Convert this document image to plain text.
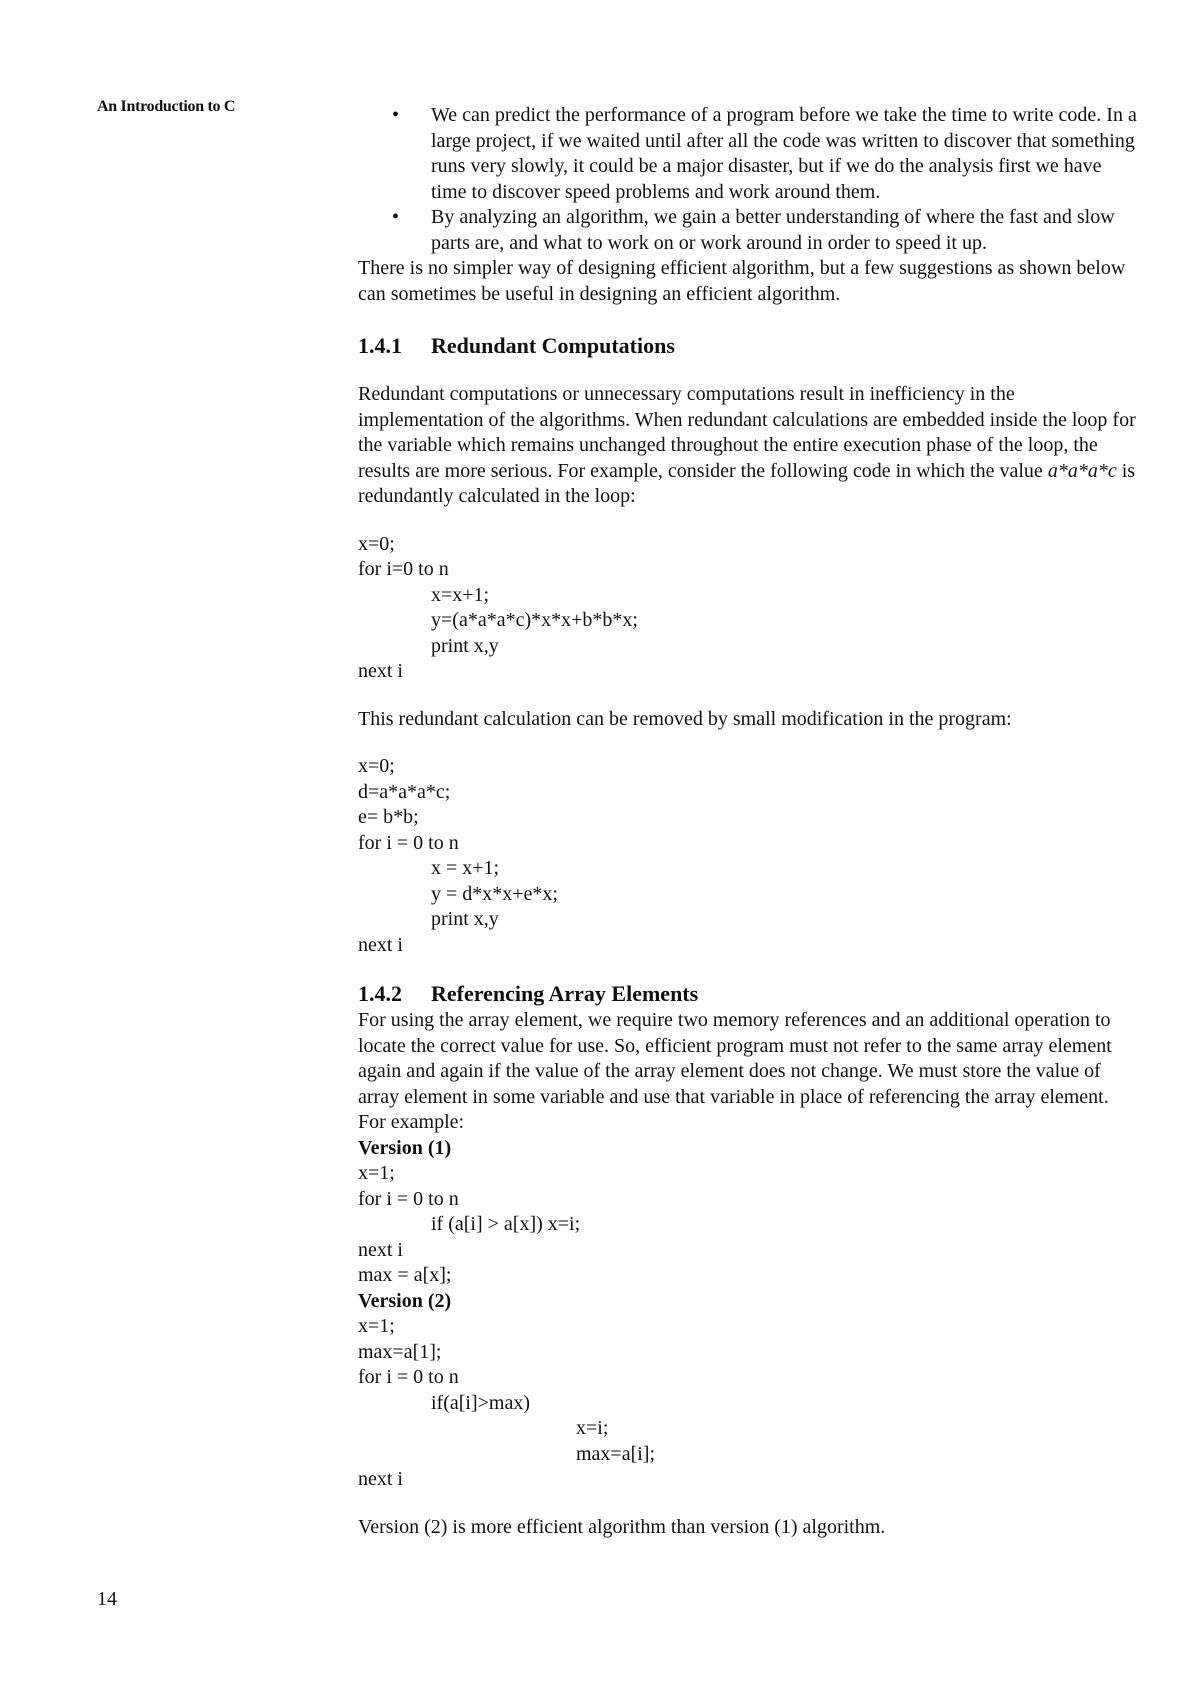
An Introduction to C	• We can predict the performance of a program before we take the time to write code. In a large project, if we waited until after all the code was written to discover that something runs very slowly, it could be a major disaster, but if we do the analysis first we have time to discover speed problems and work around them.
• By analyzing an algorithm, we gain a better understanding of where the fast and slow parts are, and what to work on or work around in order to speed it up.

There is no simpler way of designing efficient algorithm, but a few suggestions as shown below can sometimes be useful in designing an efficient algorithm.

1.4.1 Redundant Computations

Redundant computations or unnecessary computations result in inefficiency in the implementation of the algorithms. When redundant calculations are embedded inside the loop for the variable which remains unchanged throughout the entire execution phase of the loop, the results are more serious. For example, consider the following code in which the value a*a*a*c is redundantly calculated in the loop:

x=0;
for i=0 to n
x=x+1;
y=(a*a*a*c)*x*x+b*b*x;
print x,y
next i

This redundant calculation can be removed by small modification in the program:

x=0;
d=a*a*a*c;
e= b*b;
for i = 0 to n
x = x+1;
y = d*x*x+e*x;
print x,y
next i
1.4.2 Referencing Array Elements

For using the array element, we require two memory references and an additional operation to locate the correct value for use. So, efficient program must not refer to the same array element again and again if the value of the array element does not change. We must store the value of array element in some variable and use that variable in place of referencing the array element. For example:

Version (1)
x=1;
for i = 0 to n
if (a[i] > a[x]) x=i;
next i
max = a[x];
Version (2)
x=1;
max=a[1];
for i = 0 to n
if(a[i]>max)
x=i;
max=a[i];
next i

Version (2) is more efficient algorithm than version (1) algorithm.

14
